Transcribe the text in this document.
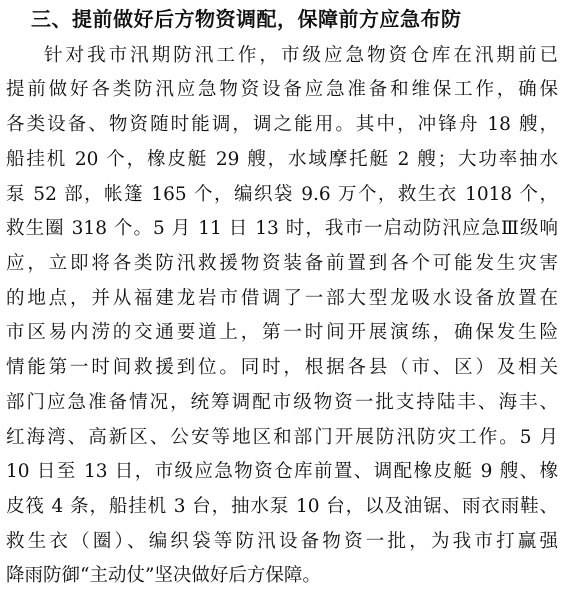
三、提前做好后方物资调配，保障前方应急布防
针对我市汛期防汛工作，市级应急物资仓库在汛期前已
提前做好各类防汛应急物资设备应急准备和维保工作，确保
各类设备、物资随时能调，调之能用。其中，冲锋舟 18 艘，
船挂机 20 个，橡皮艇 29 艘，水域摩托艇 2 艘；大功率抽水
泵 52 部，帐篷 165 个，编织袋 9.6 万个，救生衣 1018 个，
救生圈 318 个。5 月 11 日 13 时，我市一启动防汛应急Ⅲ级响
应，立即将各类防汛救援物资装备前置到各个可能发生灾害
的地点，并从福建龙岩市借调了一部大型龙吸水设备放置在
市区易内涝的交通要道上，第一时间开展演练，确保发生险
情能第一时间救援到位。同时，根据各县（市、区）及相关
部门应急准备情况，统筹调配市级物资一批支持陆丰、海丰、
红海湾、高新区、公安等地区和部门开展防汛防灾工作。5 月
10 日至 13 日，市级应急物资仓库前置、调配橡皮艇 9 艘、橡
皮筏 4 条，船挂机 3 台，抽水泵 10 台，以及油锯、雨衣雨鞋、
救生衣（圈）、编织袋等防汛设备物资一批，为我市打赢强
降雨防御“主动仗”坚决做好后方保障。
